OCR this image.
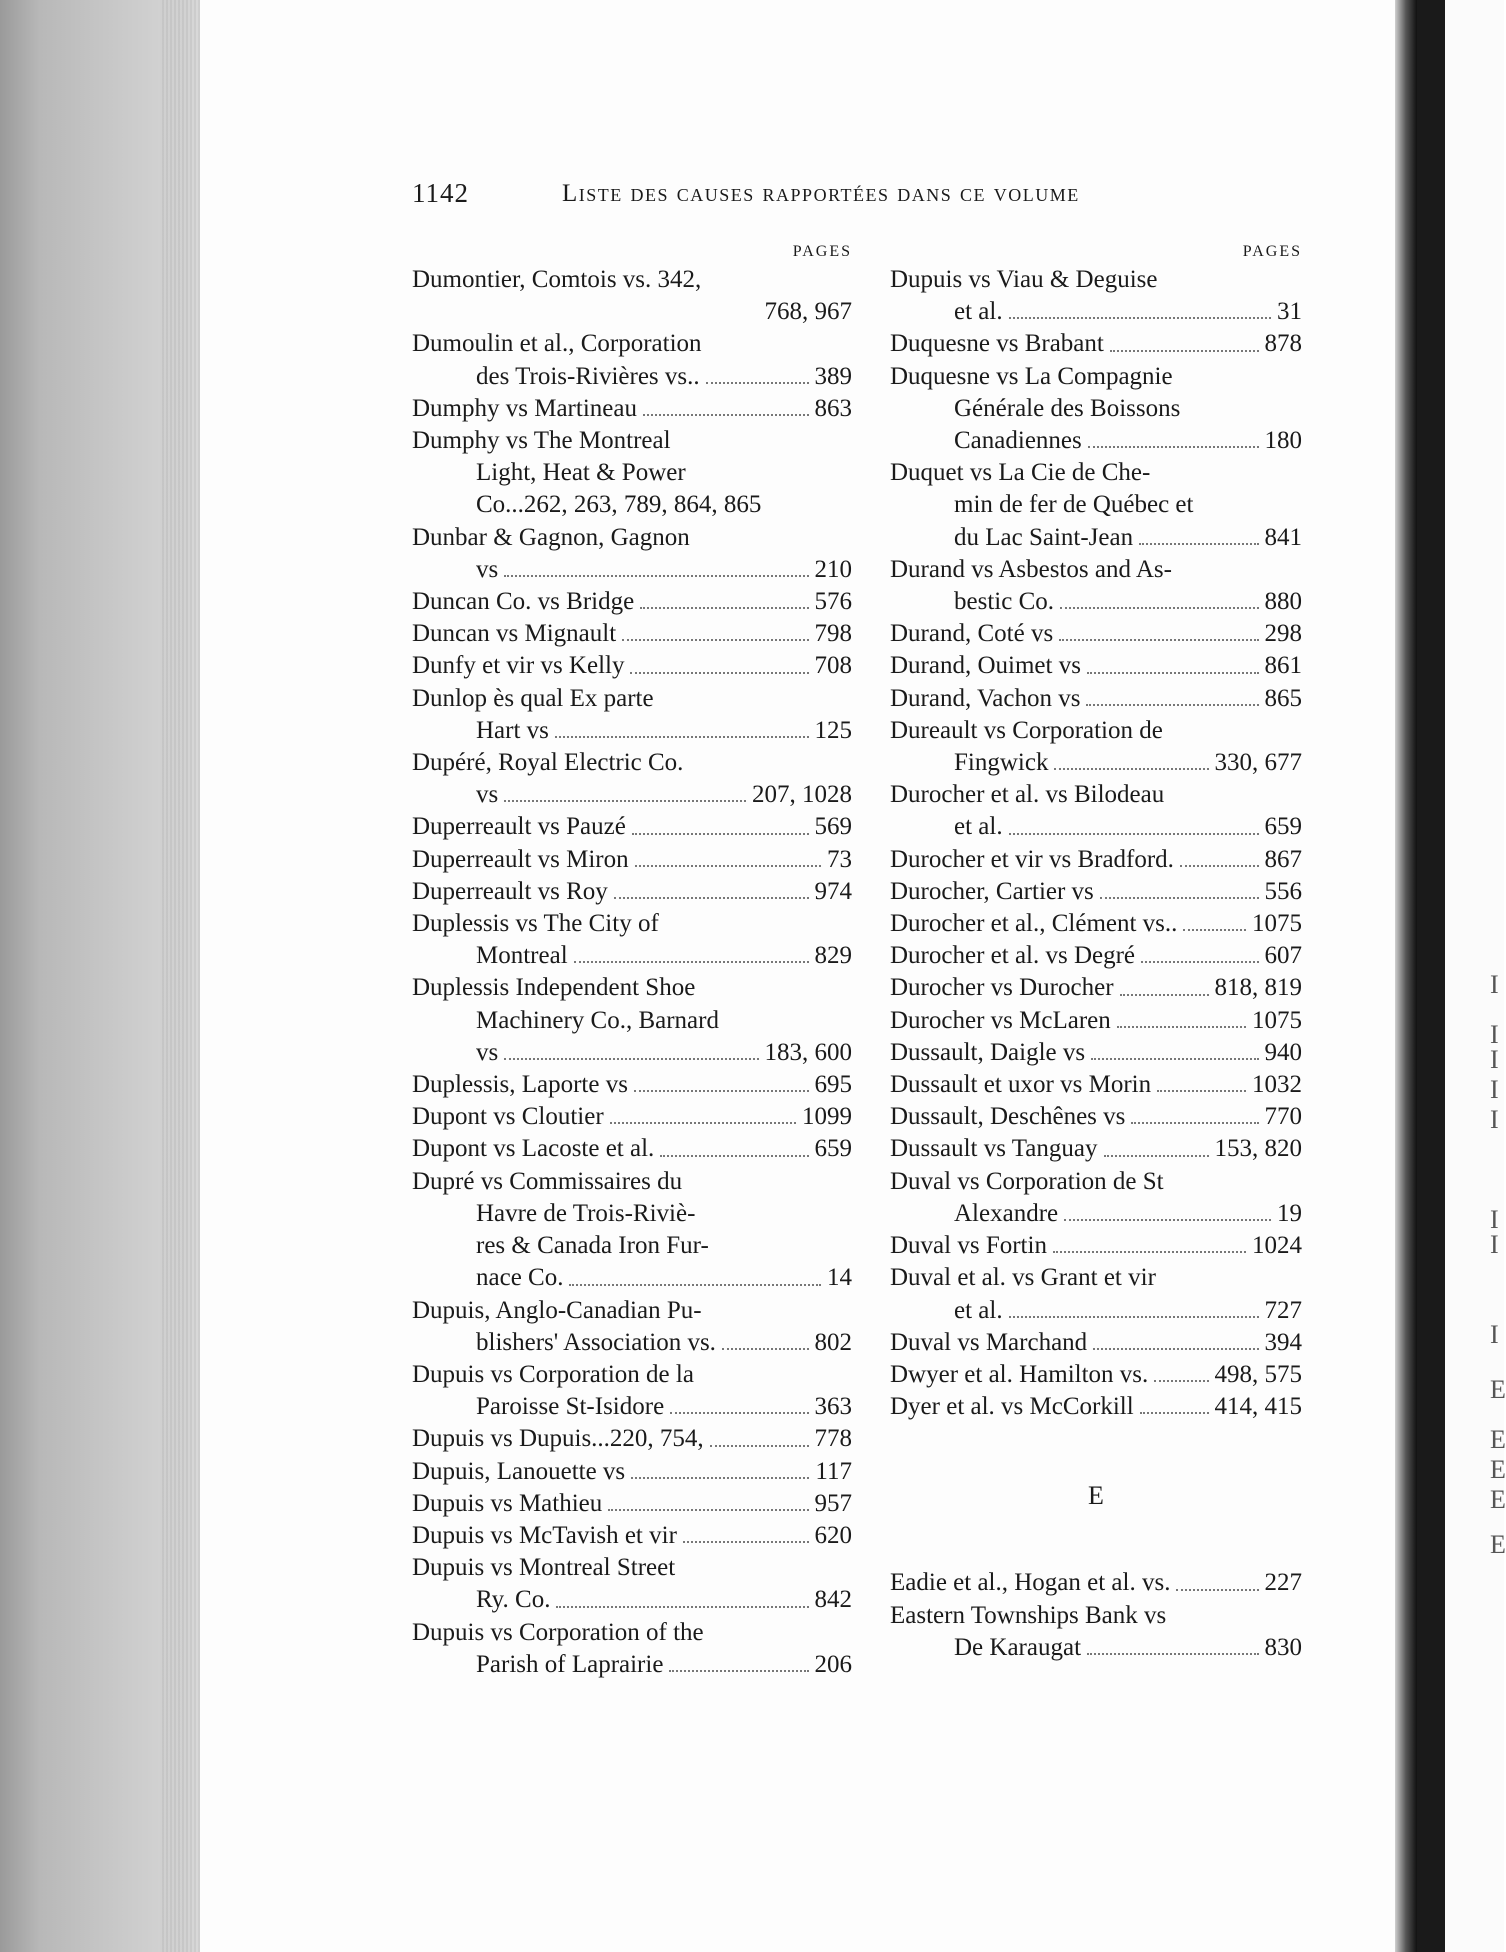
1142	Liste des causes rapportées dans ce volume
PAGES
Dumontier, Comtois vs. 342,
768, 967
Dumoulin et al., Corporation
des Trois-Rivières vs..	389
Dumphy vs Martineau	863
Dumphy vs The Montreal
Light, Heat & Power
Co...262, 263, 789, 864, 865
Dunbar & Gagnon, Gagnon
vs	210
Duncan Co. vs Bridge	576
Duncan vs Mignault	798
Dunfy et vir vs Kelly	708
Dunlop ès qual Ex parte
Hart vs	125
Dupéré, Royal Electric Co.
vs	207, 1028
Duperreault vs Pauzé	569
Duperreault vs Miron	73
Duperreault vs Roy	974
Duplessis vs The City of
Montreal	829
Duplessis Independent Shoe
Machinery Co., Barnard
vs	183, 600
Duplessis, Laporte vs	695
Dupont vs Cloutier	1099
Dupont vs Lacoste et al.	659
Dupré vs Commissaires du
Havre de Trois-Riviè-
res & Canada Iron Fur-
nace Co.	14
Dupuis, Anglo-Canadian Pu-
blishers' Association vs.	802
Dupuis vs Corporation de la
Paroisse St-Isidore	363
Dupuis vs Dupuis...220, 754,	778
Dupuis, Lanouette vs	117
Dupuis vs Mathieu	957
Dupuis vs McTavish et vir	620
Dupuis vs Montreal Street
Ry. Co.	842
Dupuis vs Corporation of the
Parish of Laprairie	206
PAGES
Dupuis vs Viau & Deguise
et al.	31
Duquesne vs Brabant	878
Duquesne vs La Compagnie
Générale des Boissons
Canadiennes	180
Duquet vs La Cie de Che-
min de fer de Québec et
du Lac Saint-Jean	841
Durand vs Asbestos and As-
bestic Co.	880
Durand, Coté vs	298
Durand, Ouimet vs	861
Durand, Vachon vs	865
Dureault vs Corporation de
Fingwick	330, 677
Durocher et al. vs Bilodeau
et al.	659
Durocher et vir vs Bradford.	867
Durocher, Cartier vs	556
Durocher et al., Clément vs..	1075
Durocher et al. vs Degré	607
Durocher vs Durocher	818, 819
Durocher vs McLaren	1075
Dussault, Daigle vs	940
Dussault et uxor vs Morin	1032
Dussault, Deschênes vs	770
Dussault vs Tanguay	153, 820
Duval vs Corporation de St
Alexandre	19
Duval vs Fortin	1024
Duval et al. vs Grant et vir
et al.	727
Duval vs Marchand	394
Dwyer et al. Hamilton vs.	498, 575
Dyer et al. vs McCorkill	414, 415
E
Eadie et al., Hogan et al. vs.	227
Eastern Townships Bank vs
De Karaugat	830
I
I
I
I
I
I
I
I
E
E
E
E
E
